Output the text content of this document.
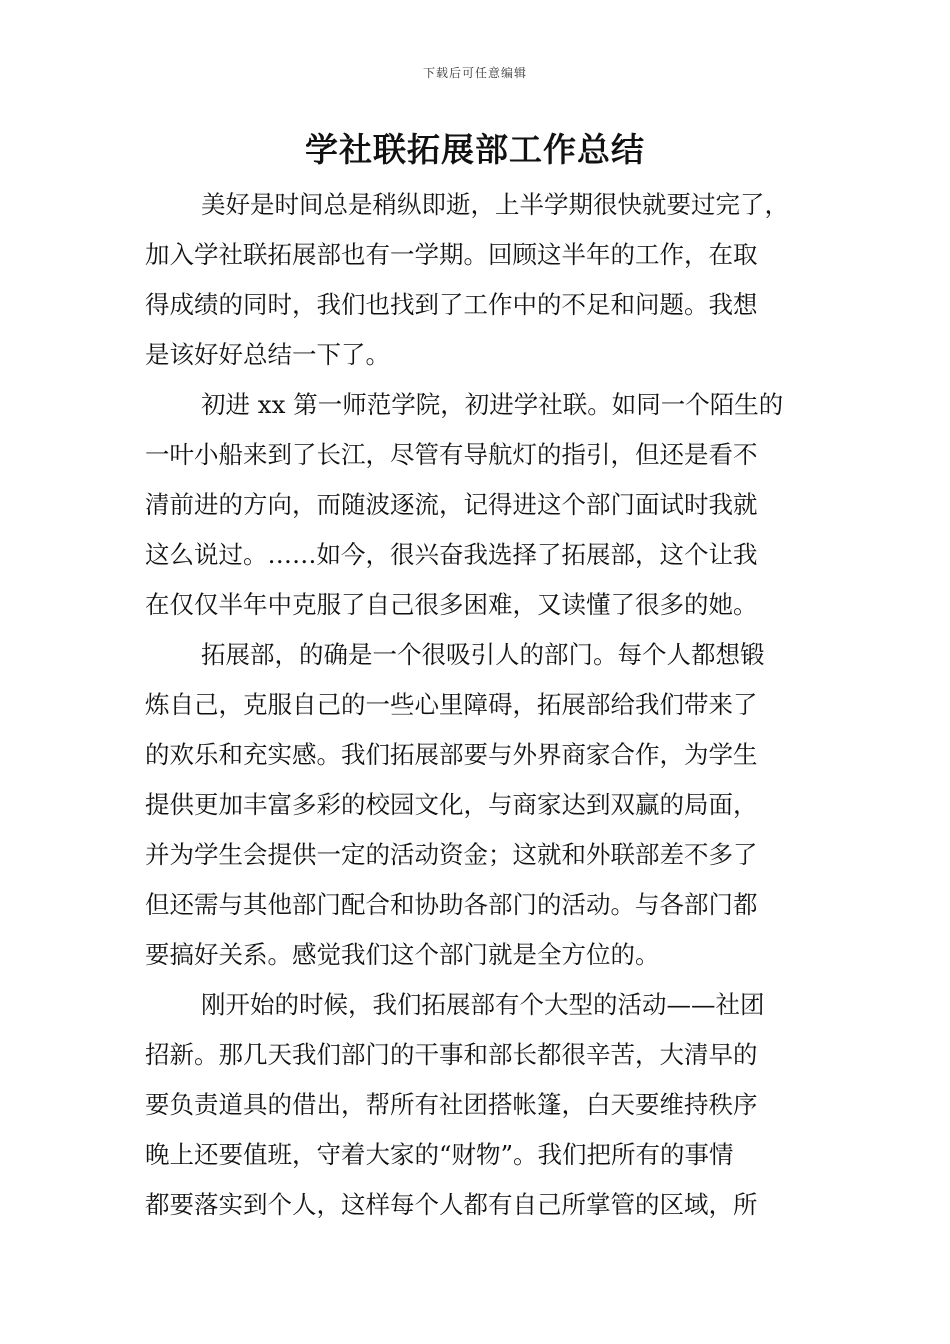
下载后可任意编辑
学社联拓展部工作总结
美好是时间总是稍纵即逝，上半学期很快就要过完了，
加入学社联拓展部也有一学期。回顾这半年的工作，在取
得成绩的同时，我们也找到了工作中的不足和问题。我想
是该好好总结一下了。
初进 xx 第一师范学院，初进学社联。如同一个陌生的
一叶小船来到了长江，尽管有导航灯的指引，但还是看不
清前进的方向，而随波逐流，记得进这个部门面试时我就
这么说过。……如今，很兴奋我选择了拓展部，这个让我
在仅仅半年中克服了自己很多困难，又读懂了很多的她。
拓展部，的确是一个很吸引人的部门。每个人都想锻
炼自己，克服自己的一些心里障碍，拓展部给我们带来了
的欢乐和充实感。我们拓展部要与外界商家合作，为学生
提供更加丰富多彩的校园文化，与商家达到双赢的局面，
并为学生会提供一定的活动资金；这就和外联部差不多了
但还需与其他部门配合和协助各部门的活动。与各部门都
要搞好关系。感觉我们这个部门就是全方位的。
刚开始的时候，我们拓展部有个大型的活动——社团
招新。那几天我们部门的干事和部长都很辛苦，大清早的
要负责道具的借出，帮所有社团搭帐篷，白天要维持秩序
晚上还要值班，守着大家的“财物”。我们把所有的事情
都要落实到个人，这样每个人都有自己所掌管的区域，所
